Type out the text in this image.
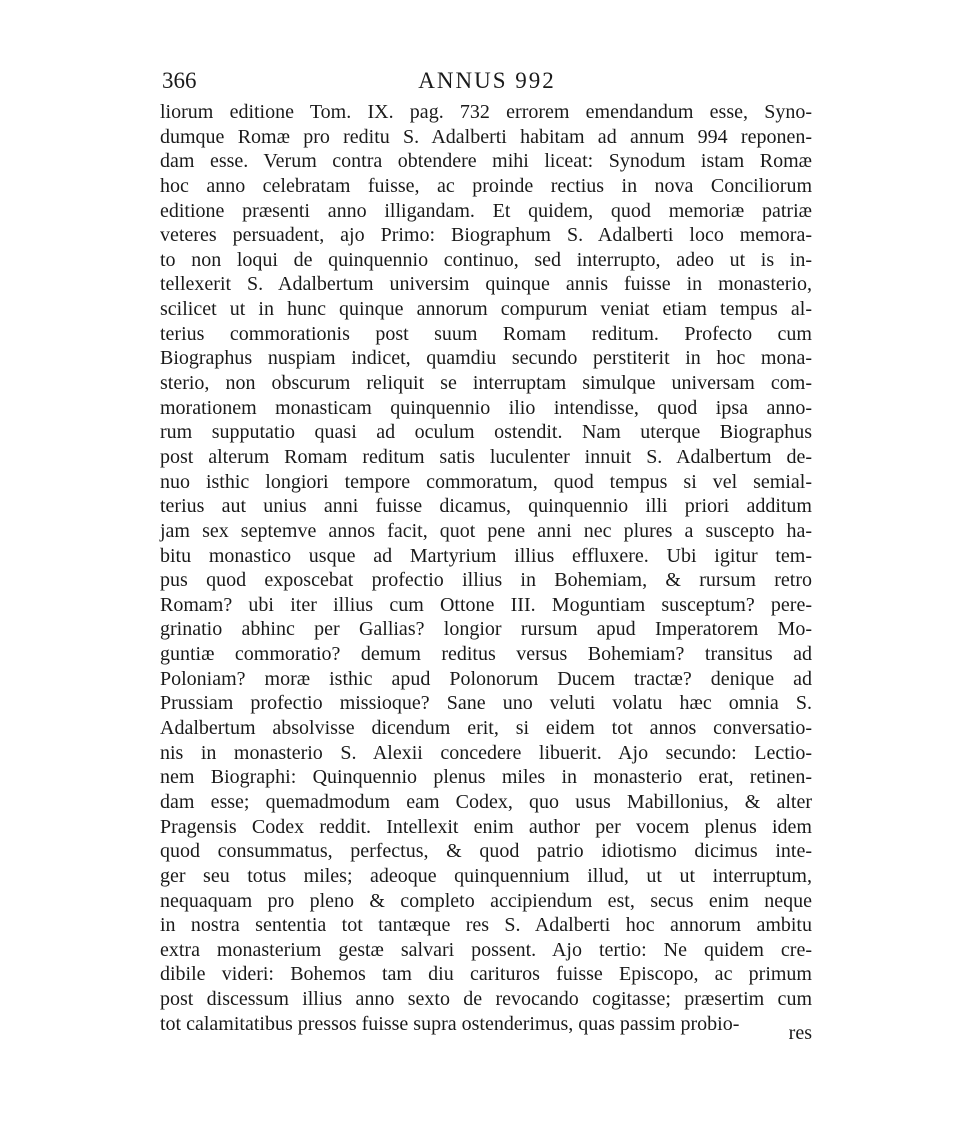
366	ANNUS 992
liorum editione Tom. IX. pag. 732 errorem emendandum esse, Syno-
dumque Romæ pro reditu S. Adalberti habitam ad annum 994 reponen-
dam esse. Verum contra obtendere mihi liceat: Synodum istam Romæ
hoc anno celebratam fuisse, ac proinde rectius in nova Conciliorum
editione præsenti anno illigandam. Et quidem, quod memoriæ patriæ
veteres persuadent, ajo Primo: Biographum S. Adalberti loco memora-
to non loqui de quinquennio continuo, sed interrupto, adeo ut is in-
tellexerit S. Adalbertum universim quinque annis fuisse in monasterio,
scilicet ut in hunc quinque annorum compurum veniat etiam tempus al-
terius commorationis post suum Romam reditum. Profecto cum
Biographus nuspiam indicet, quamdiu secundo perstiterit in hoc mona-
sterio, non obscurum reliquit se interruptam simulque universam com-
morationem monasticam quinquennio ilio intendisse, quod ipsa anno-
rum supputatio quasi ad oculum ostendit. Nam uterque Biographus
post alterum Romam reditum satis luculenter innuit S. Adalbertum de-
nuo isthic longiori tempore commoratum, quod tempus si vel semial-
terius aut unius anni fuisse dicamus, quinquennio illi priori additum
jam sex septemve annos facit, quot pene anni nec plures a suscepto ha-
bitu monastico usque ad Martyrium illius effluxere. Ubi igitur tem-
pus quod exposcebat profectio illius in Bohemiam, & rursum retro
Romam? ubi iter illius cum Ottone III. Moguntiam susceptum? pere-
grinatio abhinc per Gallias? longior rursum apud Imperatorem Mo-
guntiæ commoratio? demum reditus versus Bohemiam? transitus ad
Poloniam? moræ isthic apud Polonorum Ducem tractæ? denique ad
Prussiam profectio missioque? Sane uno veluti volatu hæc omnia S.
Adalbertum absolvisse dicendum erit, si eidem tot annos conversatio-
nis in monasterio S. Alexii concedere libuerit. Ajo secundo: Lectio-
nem Biographi: Quinquennio plenus miles in monasterio erat, retinen-
dam esse; quemadmodum eam Codex, quo usus Mabillonius, & alter
Pragensis Codex reddit. Intellexit enim author per vocem plenus idem
quod consummatus, perfectus, & quod patrio idiotismo dicimus inte-
ger seu totus miles; adeoque quinquennium illud, ut ut interruptum,
nequaquam pro pleno & completo accipiendum est, secus enim neque
in nostra sententia tot tantæque res S. Adalberti hoc annorum ambitu
extra monasterium gestæ salvari possent. Ajo tertio: Ne quidem cre-
dibile videri: Bohemos tam diu carituros fuisse Episcopo, ac primum
post discessum illius anno sexto de revocando cogitasse; præsertim cum
tot calamitatibus pressos fuisse supra ostenderimus, quas passim probio-	res
